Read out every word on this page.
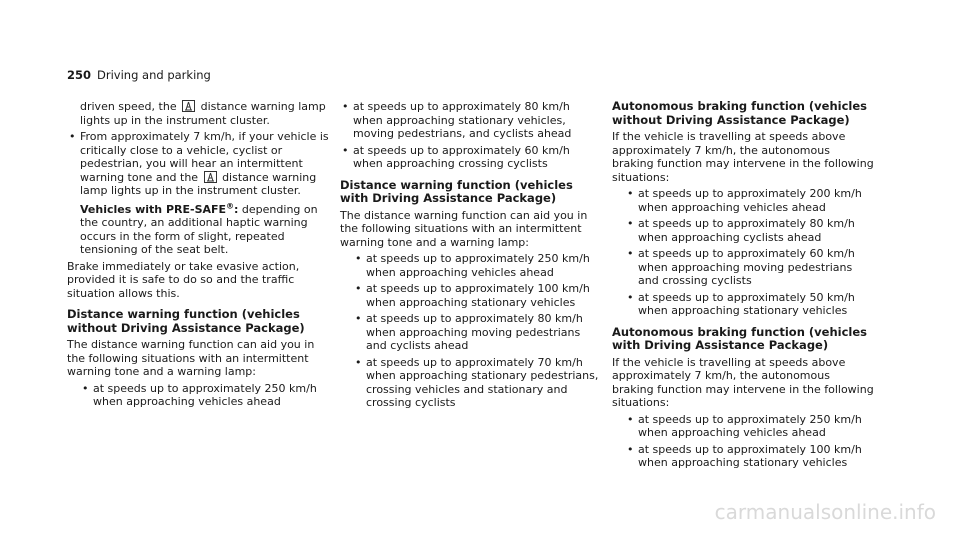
250 Driving and parking

driven speed, the distance warning lamp lights up in the instrument cluster.

• From approximately 7 km/h, if your vehicle is critically close to a vehicle, cyclist or pedestrian, you will hear an intermittent warning tone and the distance warning lamp lights up in the instrument cluster.

Vehicles with PRE-SAFE®: depending on the country, an additional haptic warning occurs in the form of slight, repeated tensioning of the seat belt.

Brake immediately or take evasive action, provided it is safe to do so and the traffic situation allows this.

Distance warning function (vehicles without Driving Assistance Package)

The distance warning function can aid you in the following situations with an intermittent warning tone and a warning lamp:

• at speeds up to approximately 250 km/h when approaching vehicles ahead

• at speeds up to approximately 80 km/h when approaching stationary vehicles, moving pedestrians, and cyclists ahead

• at speeds up to approximately 60 km/h when approaching crossing cyclists

Distance warning function (vehicles with Driving Assistance Package)

The distance warning function can aid you in the following situations with an intermittent warning tone and a warning lamp:

• at speeds up to approximately 250 km/h when approaching vehicles ahead

• at speeds up to approximately 100 km/h when approaching stationary vehicles

• at speeds up to approximately 80 km/h when approaching moving pedestrians and cyclists ahead

• at speeds up to approximately 70 km/h when approaching stationary pedestrians, crossing vehicles and stationary and crossing cyclists

Autonomous braking function (vehicles without Driving Assistance Package)

If the vehicle is travelling at speeds above approximately 7 km/h, the autonomous braking function may intervene in the following situations:

• at speeds up to approximately 200 km/h when approaching vehicles ahead

• at speeds up to approximately 80 km/h when approaching cyclists ahead

• at speeds up to approximately 60 km/h when approaching moving pedestrians and crossing cyclists

• at speeds up to approximately 50 km/h when approaching stationary vehicles

Autonomous braking function (vehicles with Driving Assistance Package)

If the vehicle is travelling at speeds above approximately 7 km/h, the autonomous braking function may intervene in the following situations:

• at speeds up to approximately 250 km/h when approaching vehicles ahead

• at speeds up to approximately 100 km/h when approaching stationary vehicles

carmanualsonline.info
